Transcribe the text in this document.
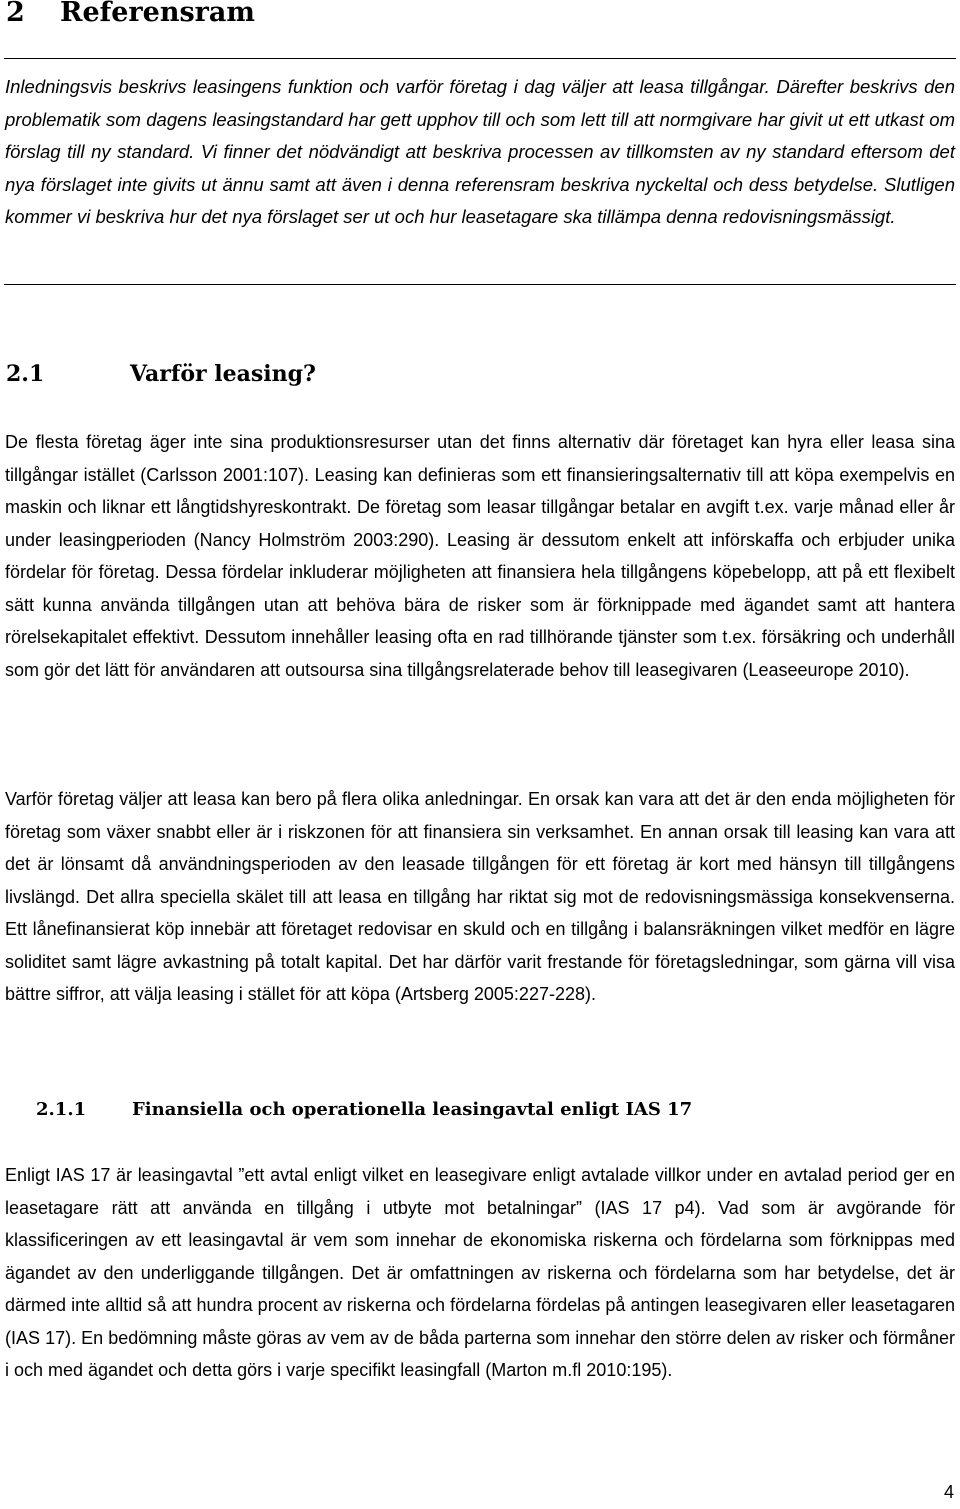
2 Referensram

Inledningsvis beskrivs leasingens funktion och varför företag i dag väljer att leasa tillgångar. Därefter beskrivs den problematik som dagens leasingstandard har gett upphov till och som lett till att normgivare har givit ut ett utkast om förslag till ny standard. Vi finner det nödvändigt att beskriva processen av tillkomsten av ny standard eftersom det nya förslaget inte givits ut ännu samt att även i denna referensram beskriva nyckeltal och dess betydelse. Slutligen kommer vi beskriva hur det nya förslaget ser ut och hur leasetagare ska tillämpa denna redovisningsmässigt.

2.1	Varför leasing?

De flesta företag äger inte sina produktionsresurser utan det finns alternativ där företaget kan hyra eller leasa sina tillgångar istället (Carlsson 2001:107). Leasing kan definieras som ett finansieringsalternativ till att köpa exempelvis en maskin och liknar ett långtidshyreskontrakt. De företag som leasar tillgångar betalar en avgift t.ex. varje månad eller år under leasingperioden (Nancy Holmström 2003:290). Leasing är dessutom enkelt att införskaffa och erbjuder unika fördelar för företag. Dessa fördelar inkluderar möjligheten att finansiera hela tillgångens köpebelopp, att på ett flexibelt sätt kunna använda tillgången utan att behöva bära de risker som är förknippade med ägandet samt att hantera rörelsekapitalet effektivt. Dessutom innehåller leasing ofta en rad tillhörande tjänster som t.ex. försäkring och underhåll som gör det lätt för användaren att outsoursa sina tillgångsrelaterade behov till leasegivaren (Leaseeurope 2010).

Varför företag väljer att leasa kan bero på flera olika anledningar. En orsak kan vara att det är den enda möjligheten för företag som växer snabbt eller är i riskzonen för att finansiera sin verksamhet. En annan orsak till leasing kan vara att det är lönsamt då användningsperioden av den leasade tillgången för ett företag är kort med hänsyn till tillgångens livslängd. Det allra speciella skälet till att leasa en tillgång har riktat sig mot de redovisningsmässiga konsekvenserna. Ett lånefinansierat köp innebär att företaget redovisar en skuld och en tillgång i balansräkningen vilket medför en lägre soliditet samt lägre avkastning på totalt kapital. Det har därför varit frestande för företagsledningar, som gärna vill visa bättre siffror, att välja leasing i stället för att köpa (Artsberg 2005:227-228).

2.1.1	Finansiella och operationella leasingavtal enligt IAS 17

Enligt IAS 17 är leasingavtal ”ett avtal enligt vilket en leasegivare enligt avtalade villkor under en avtalad period ger en leasetagare rätt att använda en tillgång i utbyte mot betalningar” (IAS 17 p4). Vad som är avgörande för klassificeringen av ett leasingavtal är vem som innehar de ekonomiska riskerna och fördelarna som förknippas med ägandet av den underliggande tillgången. Det är omfattningen av riskerna och fördelarna som har betydelse, det är därmed inte alltid så att hundra procent av riskerna och fördelarna fördelas på antingen leasegivaren eller leasetagaren (IAS 17). En bedömning måste göras av vem av de båda parterna som innehar den större delen av risker och förmåner i och med ägandet och detta görs i varje specifikt leasingfall (Marton m.fl 2010:195).

4
